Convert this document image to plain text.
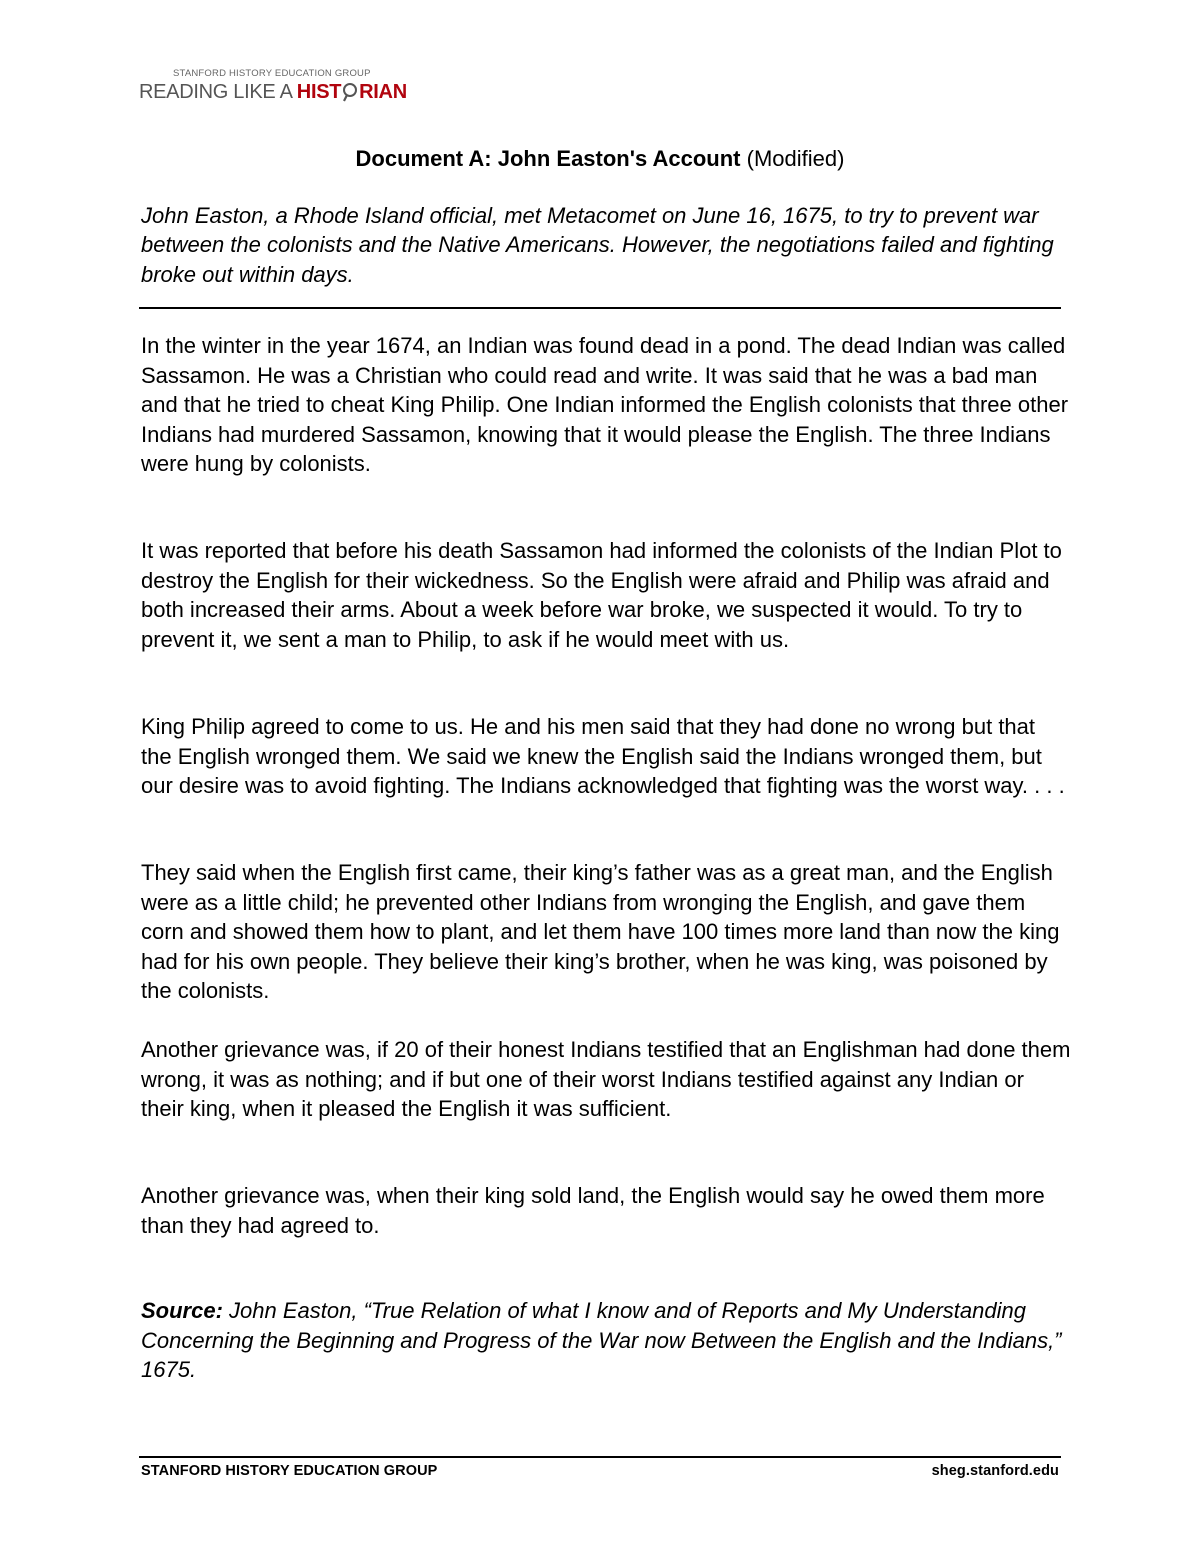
STANFORD HISTORY EDUCATION GROUP
READING LIKE A HIST RIAN
Document A: John Easton's Account (Modified)

John Easton, a Rhode Island official, met Metacomet on June 16, 1675, to try to prevent war between the colonists and the Native Americans. However, the negotiations failed and fighting broke out within days.

In the winter in the year 1674, an Indian was found dead in a pond. The dead Indian was called Sassamon. He was a Christian who could read and write. It was said that he was a bad man and that he tried to cheat King Philip. One Indian informed the English colonists that three other Indians had murdered Sassamon, knowing that it would please the English. The three Indians were hung by colonists.

It was reported that before his death Sassamon had informed the colonists of the Indian Plot to destroy the English for their wickedness. So the English were afraid and Philip was afraid and both increased their arms. About a week before war broke, we suspected it would. To try to prevent it, we sent a man to Philip, to ask if he would meet with us.

King Philip agreed to come to us. He and his men said that they had done no wrong but that the English wronged them. We said we knew the English said the Indians wronged them, but our desire was to avoid fighting. The Indians acknowledged that fighting was the worst way. . . .

They said when the English first came, their king’s father was as a great man, and the English were as a little child; he prevented other Indians from wronging the English, and gave them corn and showed them how to plant, and let them have 100 times more land than now the king had for his own people. They believe their king’s brother, when he was king, was poisoned by the colonists.

Another grievance was, if 20 of their honest Indians testified that an Englishman had done them wrong, it was as nothing; and if but one of their worst Indians testified against any Indian or their king, when it pleased the English it was sufficient.

Another grievance was, when their king sold land, the English would say he owed them more than they had agreed to.

Source: John Easton, “True Relation of what I know and of Reports and My Understanding Concerning the Beginning and Progress of the War now Between the English and the Indians,” 1675.

STANFORD HISTORY EDUCATION GROUP	sheg.stanford.edu
